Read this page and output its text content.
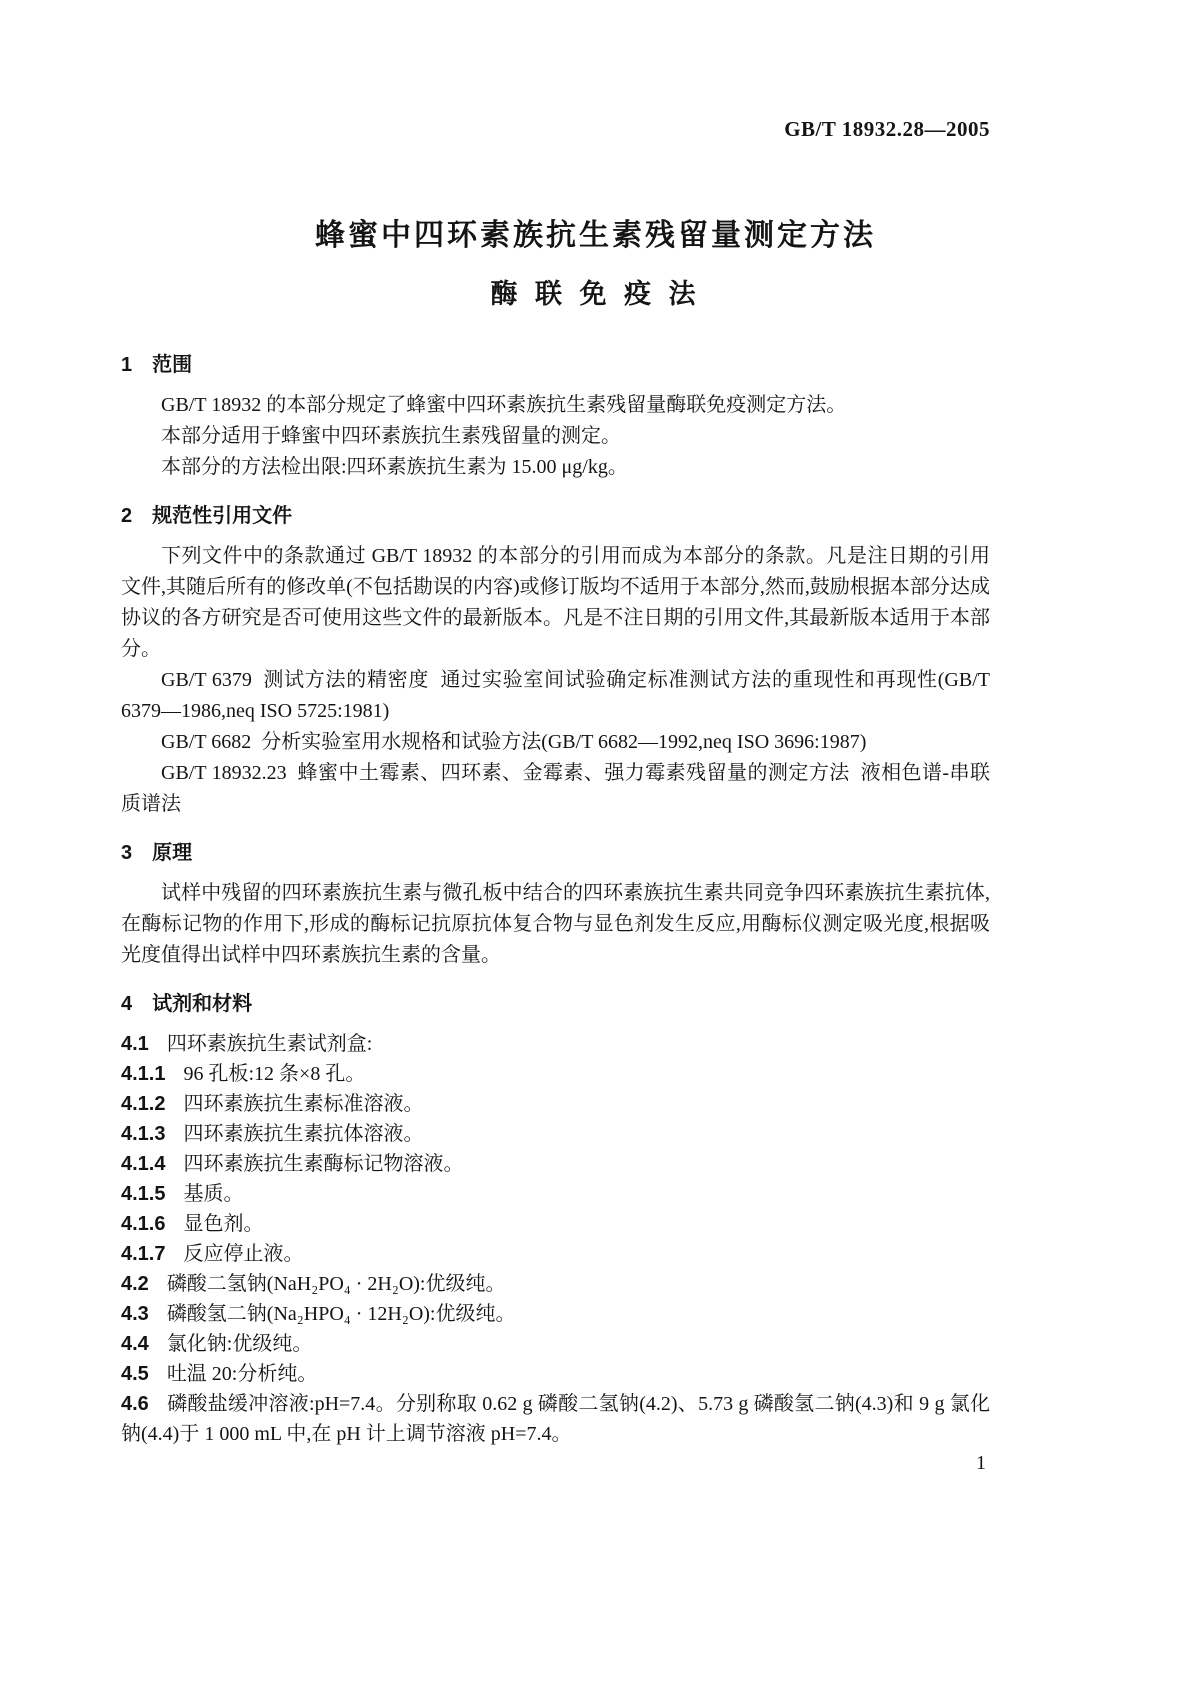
GB/T 18932.28—2005
蜂蜜中四环素族抗生素残留量测定方法
酶 联 免 疫 法
1 范围

GB/T 18932 的本部分规定了蜂蜜中四环素族抗生素残留量酶联免疫测定方法。

本部分适用于蜂蜜中四环素族抗生素残留量的测定。

本部分的方法检出限:四环素族抗生素为 15.00 μg/kg。

2 规范性引用文件

下列文件中的条款通过 GB/T 18932 的本部分的引用而成为本部分的条款。凡是注日期的引用文件,其随后所有的修改单(不包括勘误的内容)或修订版均不适用于本部分,然而,鼓励根据本部分达成协议的各方研究是否可使用这些文件的最新版本。凡是不注日期的引用文件,其最新版本适用于本部分。

GB/T 6379  测试方法的精密度  通过实验室间试验确定标准测试方法的重现性和再现性(GB/T 6379—1986,neq ISO 5725:1981)

GB/T 6682  分析实验室用水规格和试验方法(GB/T 6682—1992,neq ISO 3696:1987)

GB/T 18932.23  蜂蜜中土霉素、四环素、金霉素、强力霉素残留量的测定方法  液相色谱-串联质谱法

3 原理

试样中残留的四环素族抗生素与微孔板中结合的四环素族抗生素共同竞争四环素族抗生素抗体,在酶标记物的作用下,形成的酶标记抗原抗体复合物与显色剂发生反应,用酶标仪测定吸光度,根据吸光度值得出试样中四环素族抗生素的含量。

4 试剂和材料

4.1 四环素族抗生素试剂盒:

4.1.1 96 孔板:12 条×8 孔。

4.1.2 四环素族抗生素标准溶液。

4.1.3 四环素族抗生素抗体溶液。

4.1.4 四环素族抗生素酶标记物溶液。

4.1.5 基质。

4.1.6 显色剂。

4.1.7 反应停止液。

4.2 磷酸二氢钠(NaH₂PO₄ · 2H₂O):优级纯。

4.3 磷酸氢二钠(Na₂HPO₄ · 12H₂O):优级纯。

4.4 氯化钠:优级纯。

4.5 吐温 20:分析纯。

4.6 磷酸盐缓冲溶液:pH=7.4。分别称取 0.62 g 磷酸二氢钠(4.2)、5.73 g 磷酸氢二钠(4.3)和 9 g 氯化钠(4.4)于 1 000 mL 中,在 pH 计上调节溶液 pH=7.4。

1
